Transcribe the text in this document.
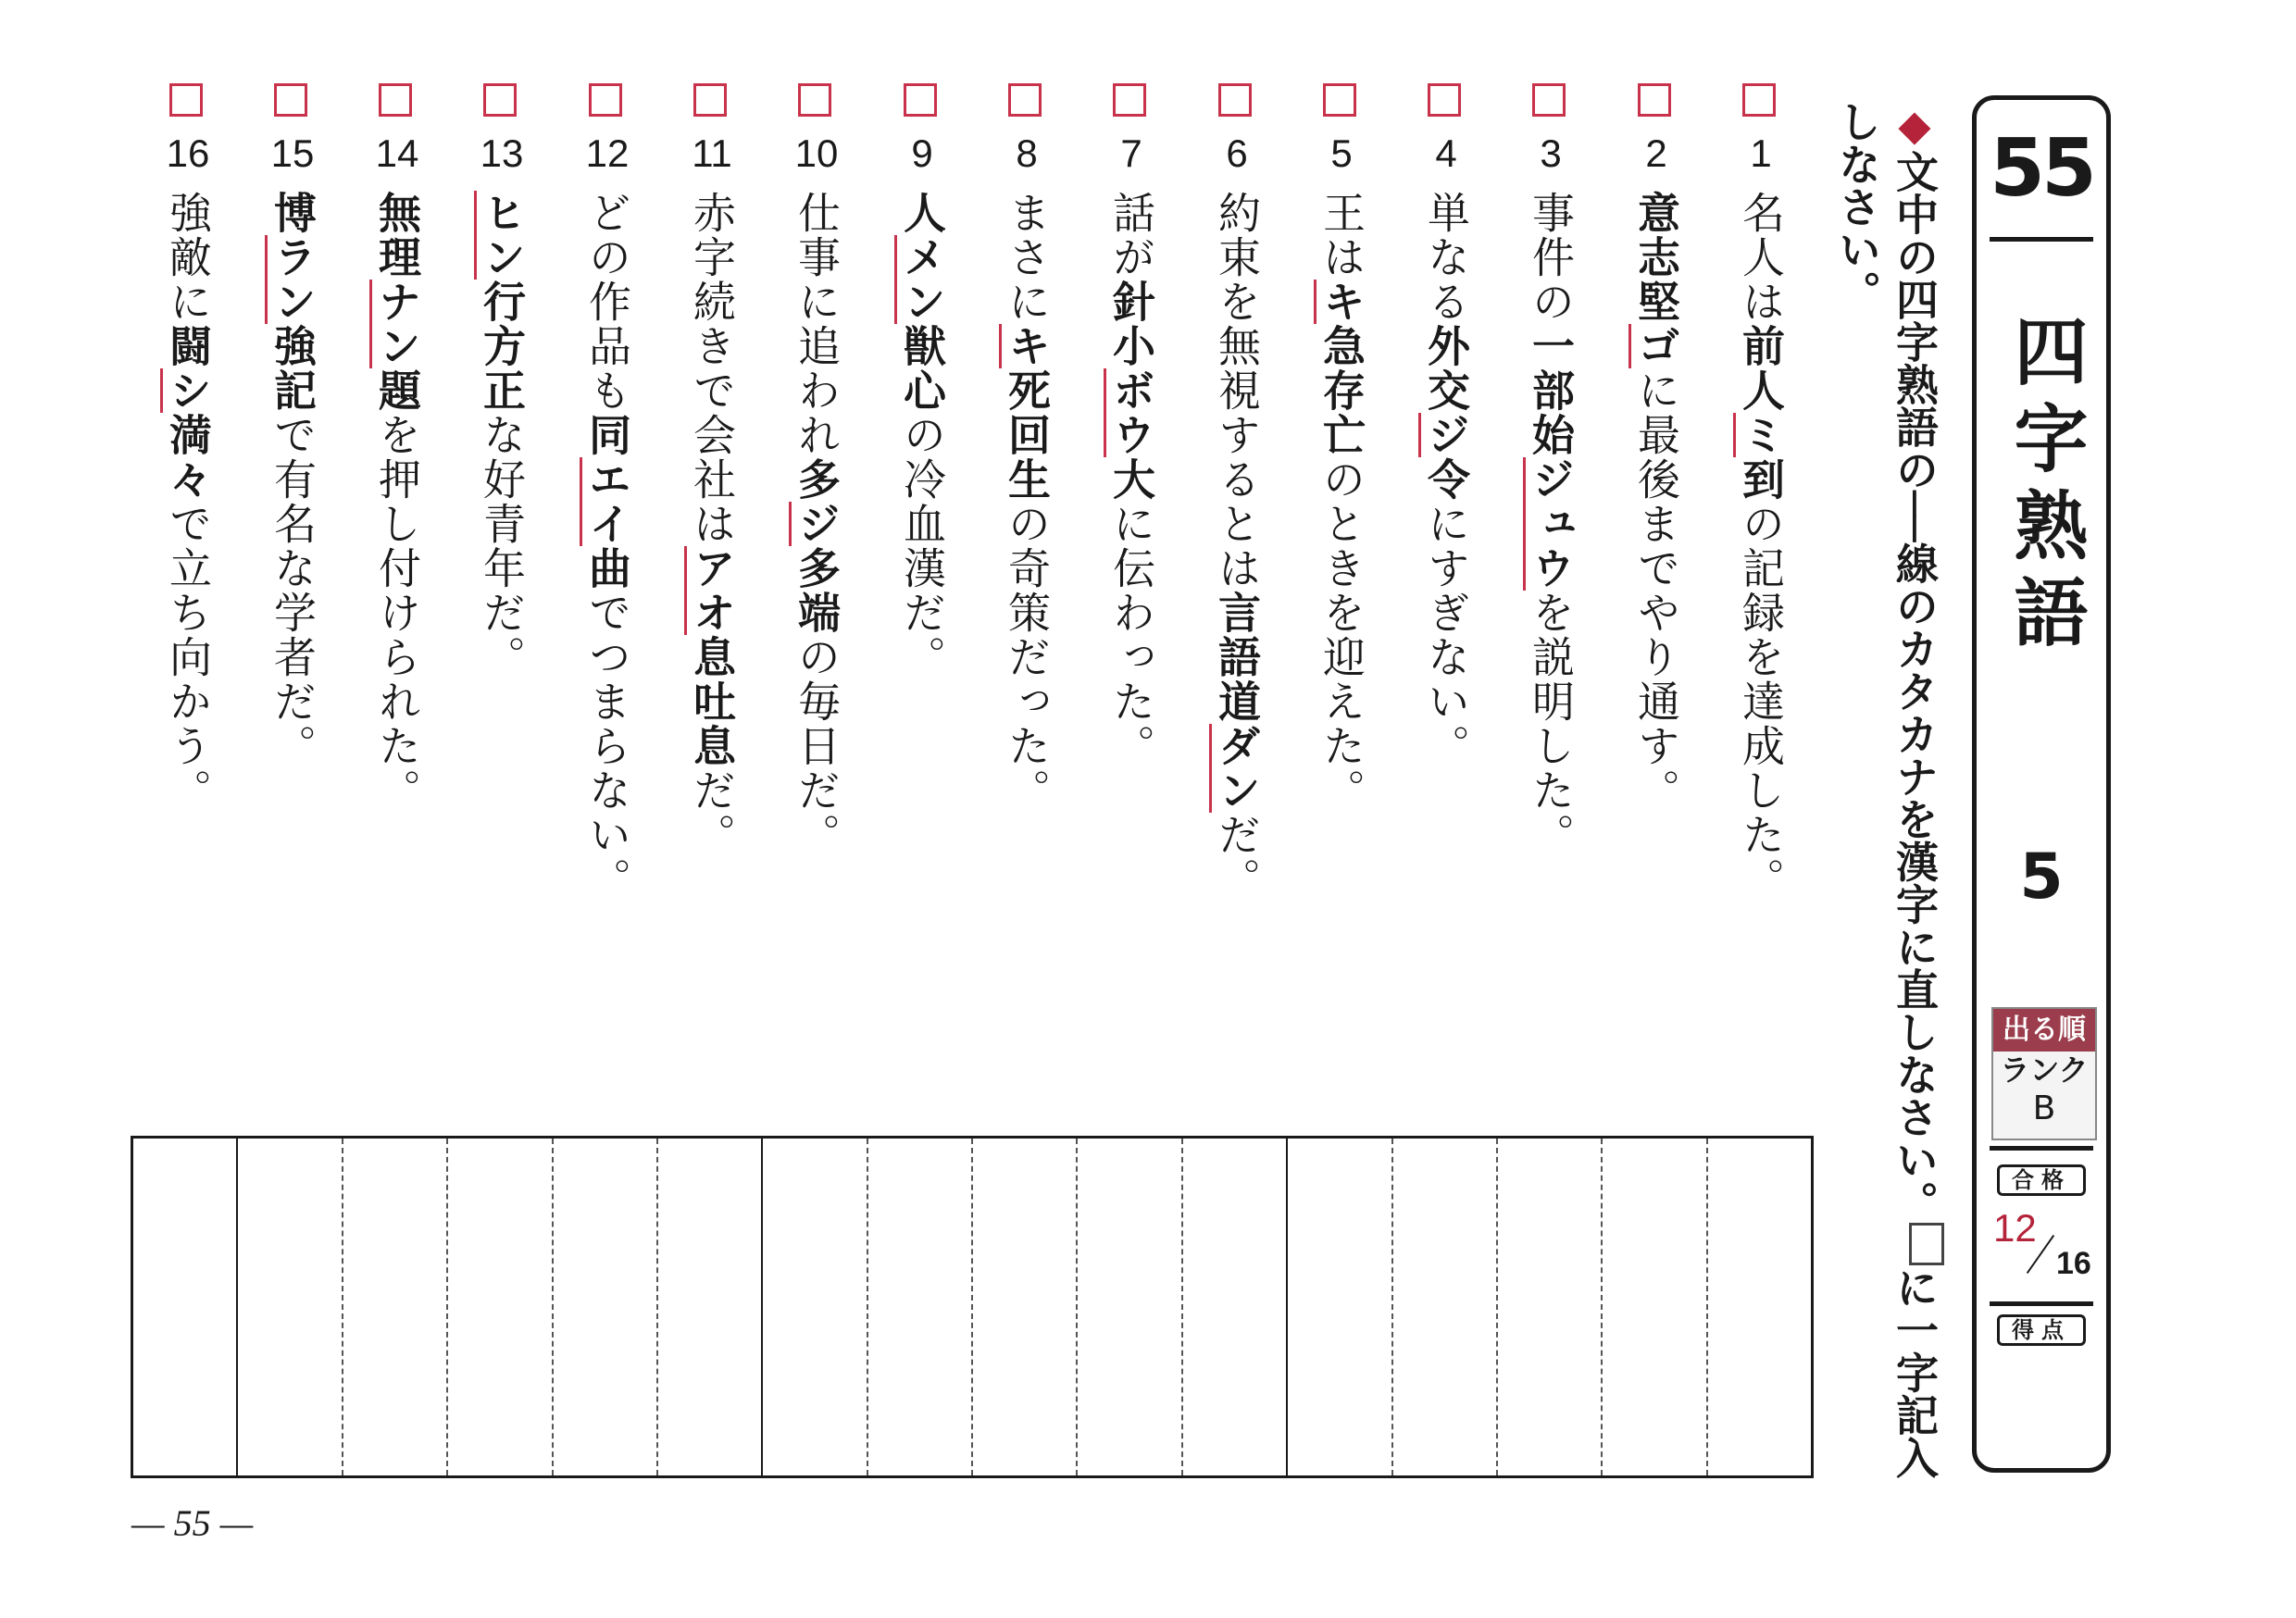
55
四字熟語
5
出る順
ランク
B
合格
12
16
得点
◆文中の四字熟語の──線のカタカナを漢字に直しなさい。に一字記入しなさい。
1
名人は前人ミ到の記録を達成した。
2
意志堅ゴに最後までやり通す。
3
事件の一部始ジュウを説明した。
4
単なる外交ジ令にすぎない。
5
王はキ急存亡のときを迎えた。
6
約束を無視するとは言語道ダンだ。
7
話が針小ボウ大に伝わった。
8
まさにキ死回生の奇策だった。
9
人メン獣心の冷血漢だ。
10
仕事に追われ多ジ多端の毎日だ。
11
赤字続きで会社はアオ息吐息だ。
12
どの作品も同エイ曲でつまらない。
13
ヒン行方正な好青年だ。
14
無理ナン題を押し付けられた。
15
博ラン強記で有名な学者だ。
16
強敵に闘シ満々で立ち向かう。
— 55 —
